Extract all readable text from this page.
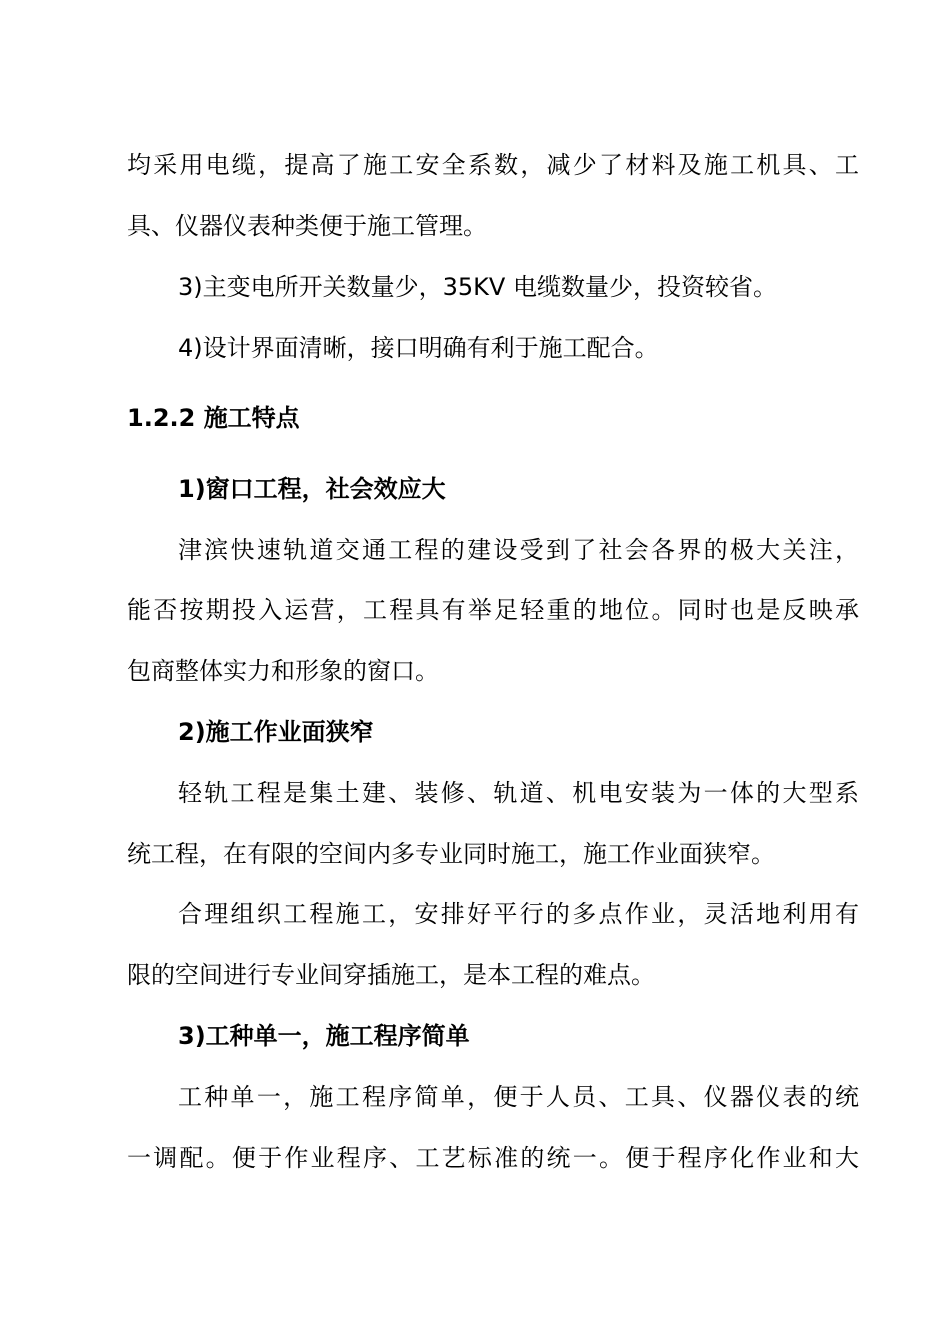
均采用电缆，提高了施工安全系数，减少了材料及施工机具、工
具、仪器仪表种类便于施工管理。
3)主变电所开关数量少，35KV 电缆数量少，投资较省。
4)设计界面清晰，接口明确有利于施工配合。
1.2.2 施工特点
1)窗口工程，社会效应大
津滨快速轨道交通工程的建设受到了社会各界的极大关注，
能否按期投入运营，工程具有举足轻重的地位。同时也是反映承
包商整体实力和形象的窗口。
2)施工作业面狭窄
轻轨工程是集土建、装修、轨道、机电安装为一体的大型系
统工程，在有限的空间内多专业同时施工，施工作业面狭窄。
合理组织工程施工，安排好平行的多点作业，灵活地利用有
限的空间进行专业间穿插施工，是本工程的难点。
3)工种单一，施工程序简单
工种单一，施工程序简单，便于人员、工具、仪器仪表的统
一调配。便于作业程序、工艺标准的统一。便于程序化作业和大
